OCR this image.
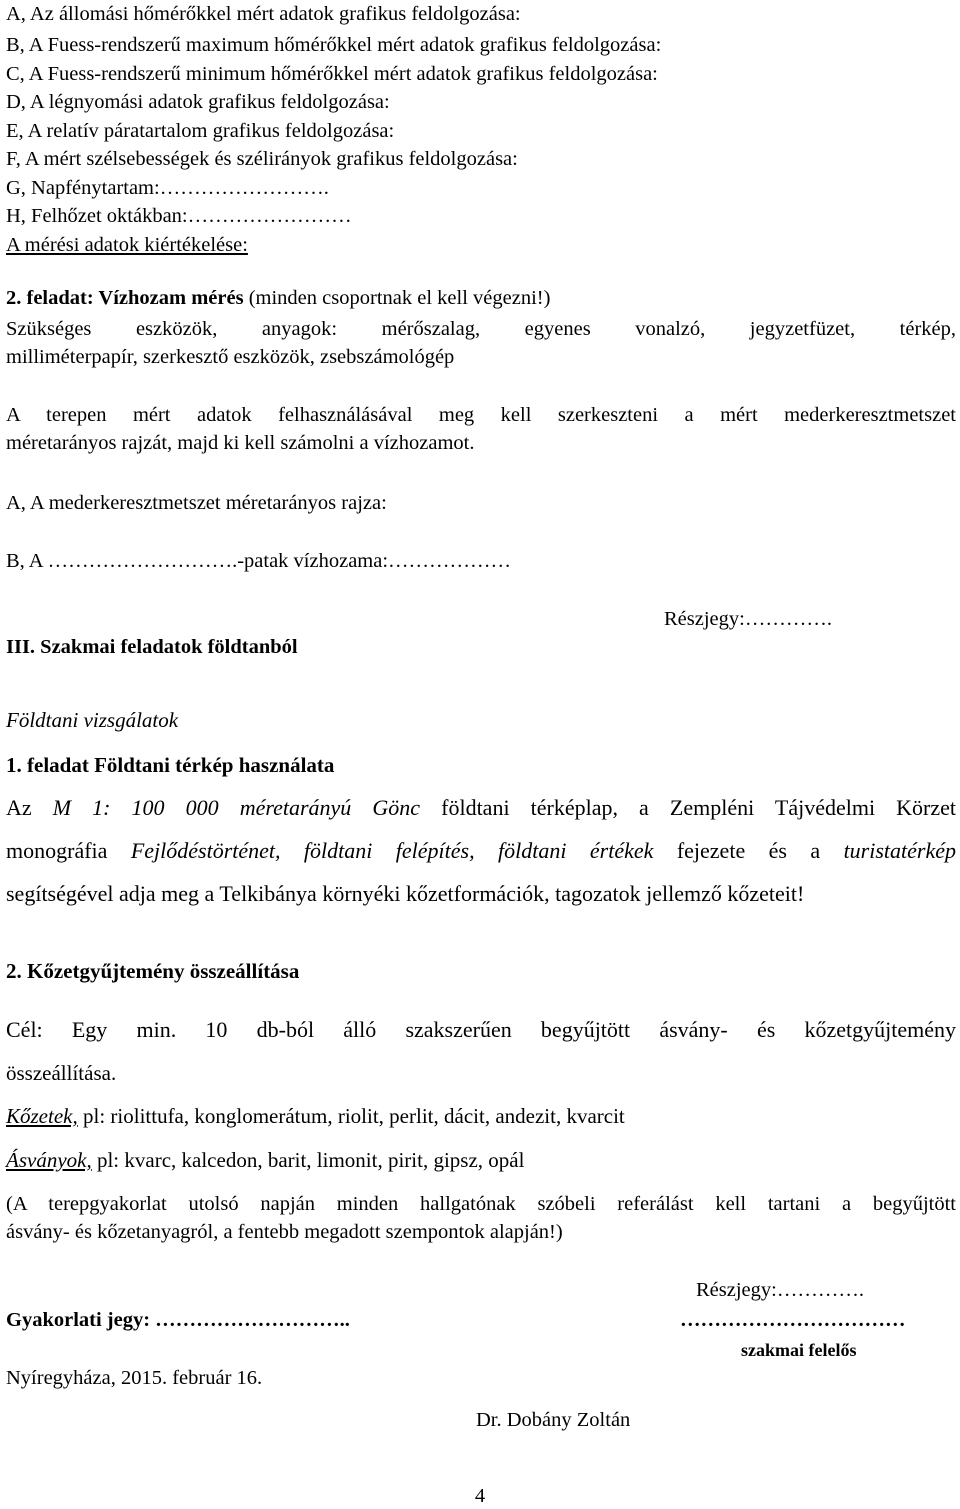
A, Az állomási hőmérőkkel mért adatok grafikus feldolgozása:
B, A Fuess-rendszerű maximum hőmérőkkel mért adatok grafikus feldolgozása:
C, A Fuess-rendszerű minimum hőmérőkkel mért adatok grafikus feldolgozása:
D, A légnyomási adatok grafikus feldolgozása:
E, A relatív páratartalom grafikus feldolgozása:
F, A mért szélsebességek és szélirányok grafikus feldolgozása:
G, Napfénytartam:…………………….
H, Felhőzet oktákban:……………………
A mérési adatok kiértékelése:
2. feladat: Vízhozam mérés (minden csoportnak el kell végezni!)
Szükséges eszközök, anyagok: mérőszalag, egyenes vonalzó, jegyzetfüzet, térkép,
milliméterpapír, szerkesztő eszközök, zsebszámológép
A terepen mért adatok felhasználásával meg kell szerkeszteni a mért mederkeresztmetszet
méretarányos rajzát, majd ki kell számolni a vízhozamot.
A, A mederkeresztmetszet méretarányos rajza:
B, A ……………………….-patak vízhozama:………………
Részjegy:………….
III. Szakmai feladatok földtanból
Földtani vizsgálatok
1. feladat Földtani térkép használata
Az M 1: 100 000 méretarányú Gönc földtani térképlap, a Zempléni Tájvédelmi Körzet
monográfia Fejlődéstörténet, földtani felépítés, földtani értékek fejezete és a turistatérkép
segítségével adja meg a Telkibánya környéki kőzetformációk, tagozatok jellemző kőzeteit!
2. Kőzetgyűjtemény összeállítása
Cél: Egy min. 10 db-ból álló szakszerűen begyűjtött ásvány- és kőzetgyűjtemény
összeállítása.
Kőzetek, pl: riolittufa, konglomerátum, riolit, perlit, dácit, andezit, kvarcit
Ásványok, pl: kvarc, kalcedon, barit, limonit, pirit, gipsz, opál
(A terepgyakorlat utolsó napján minden hallgatónak szóbeli referálást kell tartani a begyűjtött
ásvány- és kőzetanyagról, a fentebb megadott szempontok alapján!)
Részjegy:………….
Gyakorlati jegy: ………………………..	……………………………
szakmai felelős
Nyíregyháza, 2015. február 16.
Dr. Dobány Zoltán
4
